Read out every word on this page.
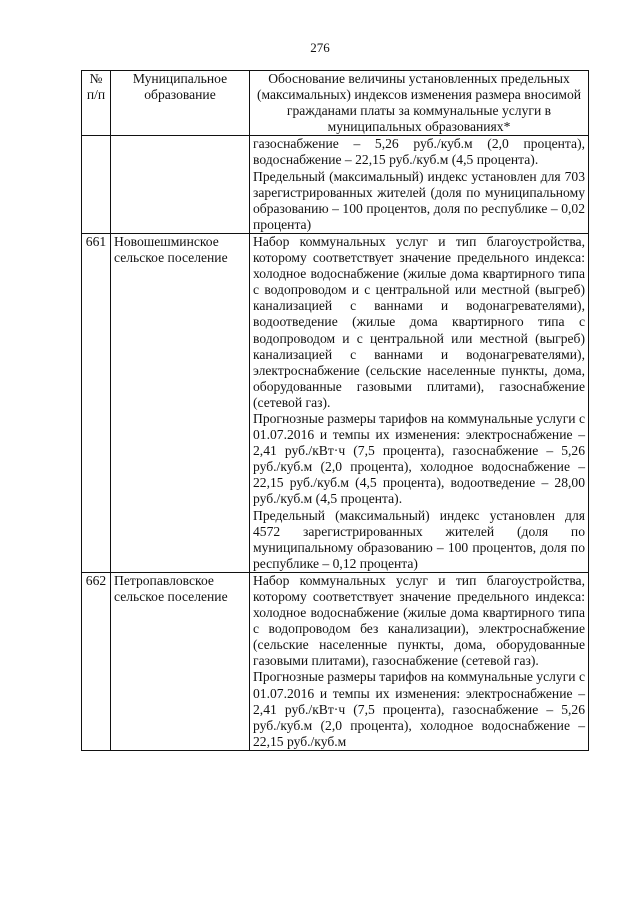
276
№ п/п	Муниципальное образование	Обоснование величины установленных предельных (максимальных) индексов изменения размера вносимой гражданами платы за коммунальные услуги в муниципальных образованиях*

		газоснабжение – 5,26 руб./куб.м (2,0 процента), водоснабжение – 22,15 руб./куб.м (4,5 процента).

Предельный (максимальный) индекс установлен для 703 зарегистрированных жителей (доля по муниципальному образованию – 100 процентов, доля по республике – 0,02 процента)

661	Новошешминское сельское поселение	Набор коммунальных услуг и тип благоустройства, которому соответствует значение предельного индекса: холодное водоснабжение (жилые дома квартирного типа с водопроводом и с центральной или местной (выгреб) канализацией с ваннами и водонагревателями), водоотведение (жилые дома квартирного типа с водопроводом и с центральной или местной (выгреб) канализацией с ваннами и водонагревателями), электроснабжение (сельские населенные пункты, дома, оборудованные газовыми плитами), газоснабжение (сетевой газ).

Прогнозные размеры тарифов на коммунальные услуги с 01.07.2016 и темпы их изменения: электроснабжение – 2,41 руб./кВт·ч (7,5 процента), газоснабжение – 5,26 руб./куб.м (2,0 процента), холодное водоснабжение – 22,15 руб./куб.м (4,5 процента), водоотведение – 28,00 руб./куб.м (4,5 процента).

Предельный (максимальный) индекс установлен для 4572 зарегистрированных жителей (доля по муниципальному образованию – 100 процентов, доля по республике – 0,12 процента)

662	Петропавловское сельское поселение	Набор коммунальных услуг и тип благоустройства, которому соответствует значение предельного индекса: холодное водоснабжение (жилые дома квартирного типа с водопроводом без канализации), электроснабжение (сельские населенные пункты, дома, оборудованные газовыми плитами), газоснабжение (сетевой газ).

Прогнозные размеры тарифов на коммунальные услуги с 01.07.2016 и темпы их изменения: электроснабжение – 2,41 руб./кВт·ч (7,5 процента), газоснабжение – 5,26 руб./куб.м (2,0 процента), холодное водоснабжение – 22,15 руб./куб.м
